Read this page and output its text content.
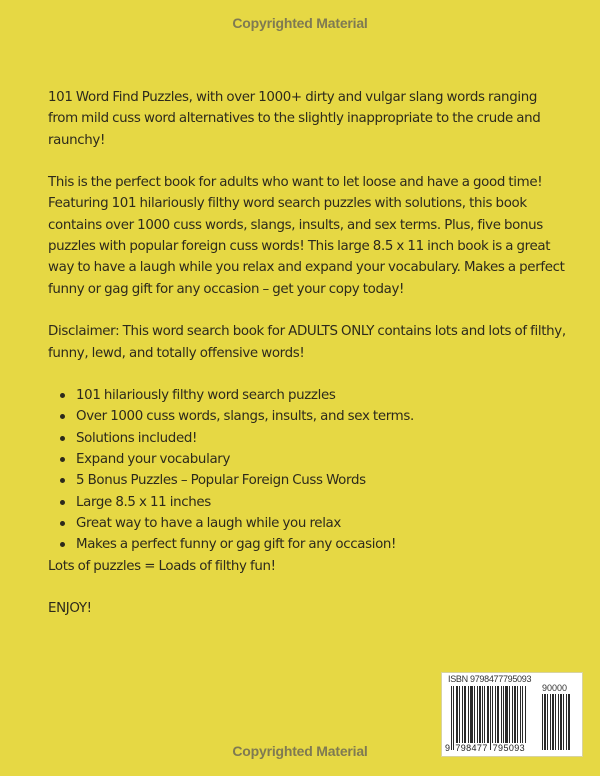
Copyrighted Material

101 Word Find Puzzles, with over 1000+ dirty and vulgar slang words ranging from mild cuss word alternatives to the slightly inappropriate to the crude and raunchy!

This is the perfect book for adults who want to let loose and have a good time! Featuring 101 hilariously filthy word search puzzles with solutions, this book contains over 1000 cuss words, slangs, insults, and sex terms. Plus, five bonus puzzles with popular foreign cuss words! This large 8.5 x 11 inch book is a great way to have a laugh while you relax and expand your vocabulary. Makes a perfect funny or gag gift for any occasion – get your copy today!

Disclaimer: This word search book for ADULTS ONLY contains lots and lots of filthy, funny, lewd, and totally offensive words!

101 hilariously filthy word search puzzles
Over 1000 cuss words, slangs, insults, and sex terms.
Solutions included!
Expand your vocabulary
5 Bonus Puzzles – Popular Foreign Cuss Words
Large 8.5 x 11 inches
Great way to have a laugh while you relax
Makes a perfect funny or gag gift for any occasion!

Lots of puzzles = Loads of filthy fun!

ENJOY!

ISBN 9798477795093
90000
9 798477 795093
Copyrighted Material
